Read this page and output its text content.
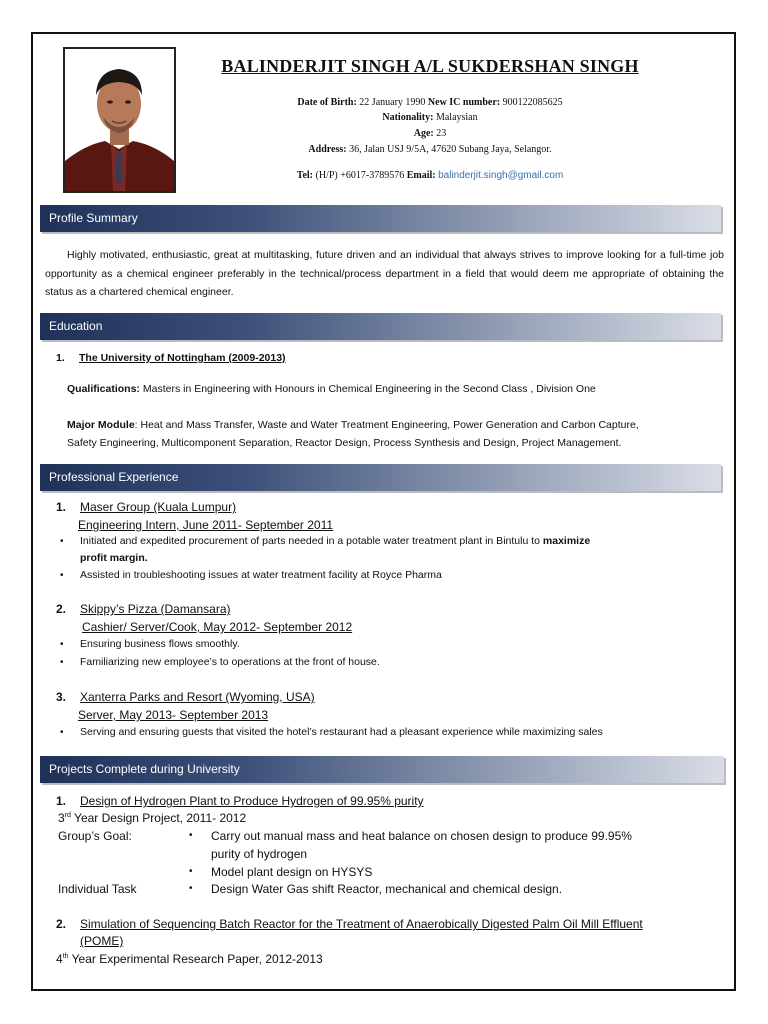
BALINDERJIT SINGH A/L SUKDERSHAN SINGH
Date of Birth: 22 January 1990 New IC number: 900122085625
Nationality: Malaysian
Age: 23
Address: 36, Jalan USJ 9/5A, 47620 Subang Jaya, Selangor.
Tel: (H/P) +6017-3789576 Email: balinderjit.singh@gmail.com
Profile Summary
Highly motivated, enthusiastic, great at multitasking, future driven and an individual that always strives to improve looking for a full-time job opportunity as a chemical engineer preferably in the technical/process department in a field that would deem me appropriate of obtaining the status as a chartered chemical engineer.
Education
1. The University of Nottingham (2009-2013)
Qualifications: Masters in Engineering with Honours in Chemical Engineering in the Second Class , Division One
Major Module: Heat and Mass Transfer, Waste and Water Treatment Engineering, Power Generation and Carbon Capture,
Safety Engineering, Multicomponent Separation, Reactor Design, Process Synthesis and Design, Project Management.
Professional Experience
1. Maser Group (Kuala Lumpur)
Engineering Intern, June 2011- September 2011
• Initiated and expedited procurement of parts needed in a potable water treatment plant in Bintulu to maximize
profit margin.
• Assisted in troubleshooting issues at water treatment facility at Royce Pharma
2. Skippy’s Pizza (Damansara)
Cashier/ Server/Cook, May 2012- September 2012
• Ensuring business flows smoothly.
• Familiarizing new employee’s to operations at the front of house.
3. Xanterra Parks and Resort (Wyoming, USA)
Server, May 2013- September 2013
• Serving and ensuring guests that visited the hotel’s restaurant had a pleasant experience while maximizing sales
Projects Complete during University
1. Design of Hydrogen Plant to Produce Hydrogen of 99.95% purity
3rd Year Design Project, 2011- 2012
Group’s Goal:	• Carry out manual mass and heat balance on chosen design to produce 99.95%
purity of hydrogen
• Model plant design on HYSYS
Individual Task	• Design Water Gas shift Reactor, mechanical and chemical design.
2. Simulation of Sequencing Batch Reactor for the Treatment of Anaerobically Digested Palm Oil Mill Effluent
(POME)
4th Year Experimental Research Paper, 2012-2013
